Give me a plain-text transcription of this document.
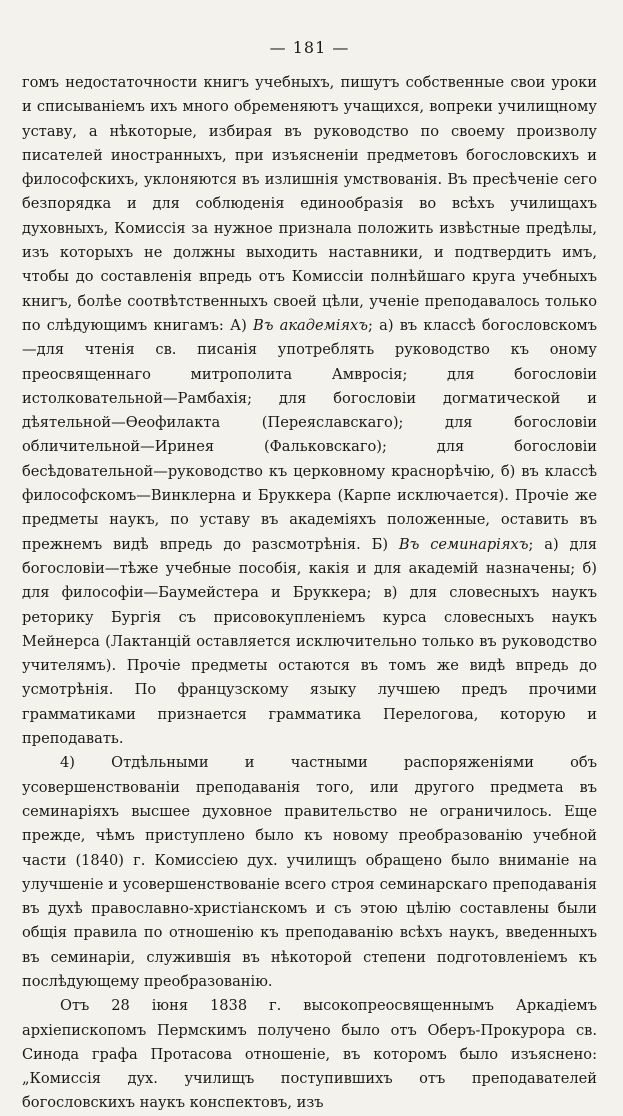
— 181 —

гомъ недостаточности книгъ учебныхъ, пишутъ собственные свои уроки и списываніемъ ихъ много обременяютъ учащихся, вопреки училищному уставу, а нѣкоторые, избирая въ руководство по своему произволу писателей иностранныхъ, при изъясненіи предметовъ богословскихъ и философскихъ, уклоняются въ излишнія умствованія. Въ пресѣченіе сего безпорядка и для соблюденія единообразія во всѣхъ училищахъ духовныхъ, Комиссія за нужное признала положить извѣстные предѣлы, изъ которыхъ не должны выходить наставники, и подтвердить имъ, чтобы до составленія впредь отъ Комиссіи полнѣйшаго круга учебныхъ книгъ, болѣе соотвѣтственныхъ своей цѣли, ученіе преподавалось только по слѣдующимъ книгамъ: А) Въ академіяхъ; а) въ классѣ богословскомъ—для чтенія св. писанія употреблять руководство къ оному преосвященнаго митрополита Амвросія; для богословіи истолковательной—Рамбахія; для богословіи догматической и дѣятельной—Ѳеофилакта (Переяславскаго); для богословіи обличительной—Иринея (Фальковскаго); для богословіи бесѣдовательной—руководство къ церковному краснорѣчію, б) въ классѣ философскомъ—Винклерна и Бруккера (Карпе исключается). Прочіе же предметы наукъ, по уставу въ академіяхъ положенные, оставить въ прежнемъ видѣ впредь до разсмотрѣнія. Б) Въ семинаріяхъ; а) для богословіи—тѣже учебные пособія, какія и для академій назначены; б) для философіи—Баумейстера и Бруккера; в) для словесныхъ наукъ реторику Бургія съ присовокупленіемъ курса словесныхъ наукъ Мейнерса (Лактанцій оставляется исключительно только въ руководство учителямъ). Прочіе предметы остаются въ томъ же видѣ впредь до усмотрѣнія. По французскому языку лучшею предъ прочими грамматиками признается грамматика Перелогова, которую и преподавать.

4) Отдѣльными и частными распоряженіями объ усовершенствованіи преподаванія того, или другого предмета въ семинаріяхъ высшее духовное правительство не ограничилось. Еще прежде, чѣмъ приступлено было къ новому преобразованію учебной части (1840) г. Комиссіею дух. училищъ обращено было вниманіе на улучшеніе и усовершенствованіе всего строя семинарскаго преподаванія въ духѣ православно-христіанскомъ и съ этою цѣлію составлены были общія правила по отношенію къ преподаванію всѣхъ наукъ, введенныхъ въ семинаріи, служившія въ нѣкоторой степени подготовленіемъ къ послѣдующему преобразованію.

Отъ 28 іюня 1838 г. высокопреосвященнымъ Аркадіемъ архіепископомъ Пермскимъ получено было отъ Оберъ-Прокурора св. Синода графа Протасова отношеніе, въ которомъ было изъяснено: „Комиссія дух. училищъ поступившихъ отъ преподавателей богословскихъ наукъ конспектовъ, изъ
